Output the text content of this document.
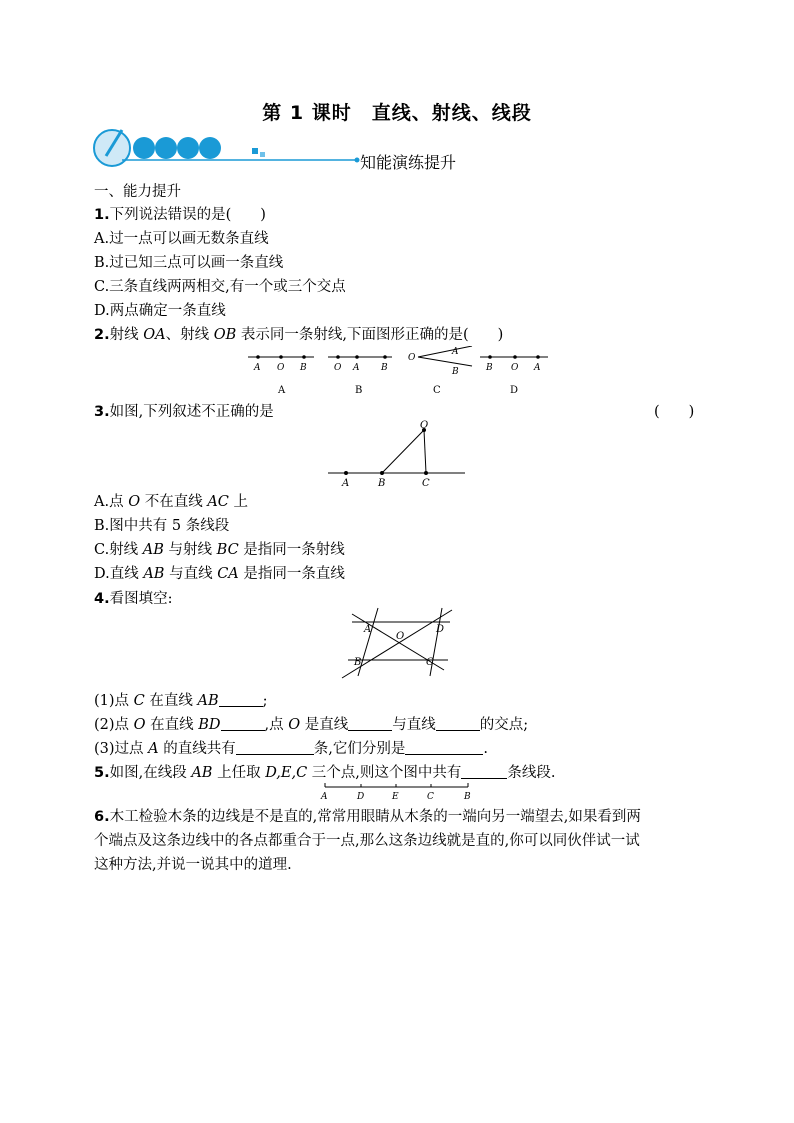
第 1 课时　直线、射线、线段
知能演练提升
一、能力提升
1.下列说法错误的是(　　)
A.过一点可以画无数条直线
B.过已知三点可以画一条直线
C.三条直线两两相交,有一个或三个交点
D.两点确定一条直线
2.射线 OA、射线 OB 表示同一条射线,下面图形正确的是(　　)
A O B
A
O A B
B
O
A
B
C
B O A
D
3.如图,下列叙述不正确的是	(　　)
O
A	B	C
A.点 O 不在直线 AC 上
B.图中共有 5 条线段
C.射线 AB 与射线 BC 是指同一条射线
D.直线 AB 与直线 CA 是指同一条直线
4.看图填空:
A
O
D
B	C
(1)点 C 在直线 AB	;
(2)点 O 在直线 BD	,点 O 是直线	与直线	的交点;
(3)过点 A 的直线共有	条,它们分别是	.
5.如图,在线段 AB 上任取 D,E,C 三个点,则这个图中共有	条线段.
A	D	E	C	B
6.木工检验木条的边线是不是直的,常常用眼睛从木条的一端向另一端望去,如果看到两
个端点及这条边线中的各点都重合于一点,那么这条边线就是直的,你可以同伙伴试一试
这种方法,并说一说其中的道理.
